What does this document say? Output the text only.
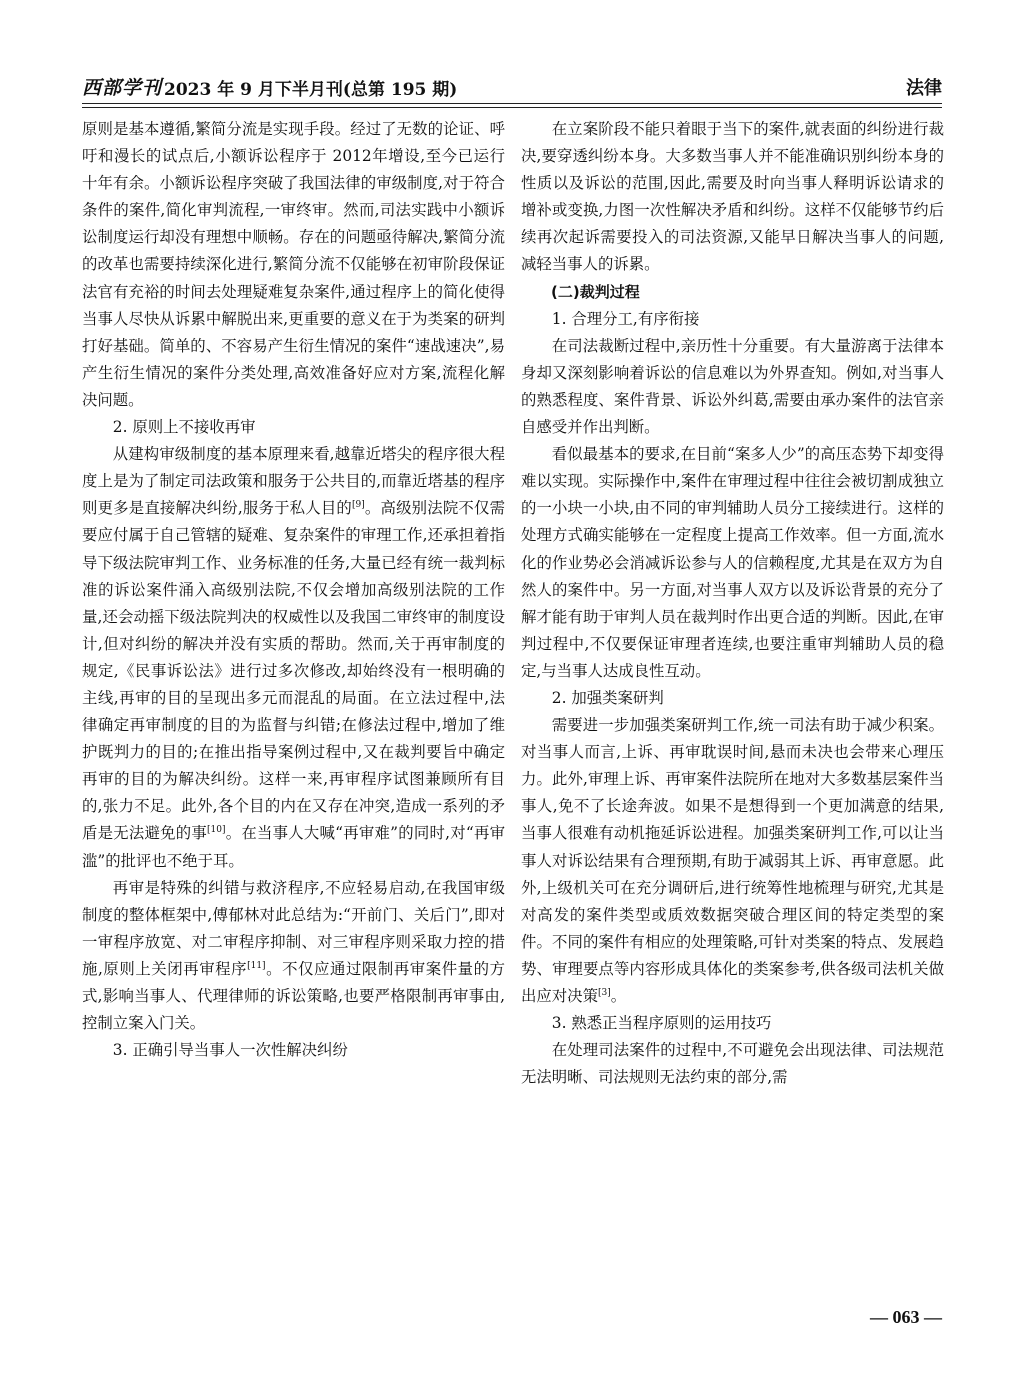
西部学刊 2023 年 9 月下半月刊(总第 195 期)	法律

原则是基本遵循,繁简分流是实现手段。经过了无数的论证、呼吁和漫长的试点后,小额诉讼程序于 2012年增设,至今已运行十年有余。小额诉讼程序突破了我国法律的审级制度,对于符合条件的案件,简化审判流程,一审终审。然而,司法实践中小额诉讼制度运行却没有理想中顺畅。存在的问题亟待解决,繁简分流的改革也需要持续深化进行,繁简分流不仅能够在初审阶段保证法官有充裕的时间去处理疑难复杂案件,通过程序上的简化使得当事人尽快从诉累中解脱出来,更重要的意义在于为类案的研判打好基础。简单的、不容易产生衍生情况的案件“速战速决”,易产生衍生情况的案件分类处理,高效准备好应对方案,流程化解决问题。

2. 原则上不接收再审

从建构审级制度的基本原理来看,越靠近塔尖的程序很大程度上是为了制定司法政策和服务于公共目的,而靠近塔基的程序则更多是直接解决纠纷,服务于私人目的[9]。高级别法院不仅需要应付属于自己管辖的疑难、复杂案件的审理工作,还承担着指导下级法院审判工作、业务标准的任务,大量已经有统一裁判标准的诉讼案件涌入高级别法院,不仅会增加高级别法院的工作量,还会动摇下级法院判决的权威性以及我国二审终审的制度设计,但对纠纷的解决并没有实质的帮助。然而,关于再审制度的规定,《民事诉讼法》进行过多次修改,却始终没有一根明确的主线,再审的目的呈现出多元而混乱的局面。在立法过程中,法律确定再审制度的目的为监督与纠错;在修法过程中,增加了维护既判力的目的;在推出指导案例过程中,又在裁判要旨中确定再审的目的为解决纠纷。这样一来,再审程序试图兼顾所有目的,张力不足。此外,各个目的内在又存在冲突,造成一系列的矛盾是无法避免的事[10]。在当事人大喊“再审难”的同时,对“再审滥”的批评也不绝于耳。

再审是特殊的纠错与救济程序,不应轻易启动,在我国审级制度的整体框架中,傅郁林对此总结为:“开前门、关后门”,即对一审程序放宽、对二审程序抑制、对三审程序则采取力控的措施,原则上关闭再审程序[11]。不仅应通过限制再审案件量的方式,影响当事人、代理律师的诉讼策略,也要严格限制再审事由,控制立案入门关。

3. 正确引导当事人一次性解决纠纷

在立案阶段不能只着眼于当下的案件,就表面的纠纷进行裁决,要穿透纠纷本身。大多数当事人并不能准确识别纠纷本身的性质以及诉讼的范围,因此,需要及时向当事人释明诉讼请求的增补或变换,力图一次性解决矛盾和纠纷。这样不仅能够节约后续再次起诉需要投入的司法资源,又能早日解决当事人的问题,减轻当事人的诉累。

(二)裁判过程

1. 合理分工,有序衔接

在司法裁断过程中,亲历性十分重要。有大量游离于法律本身却又深刻影响着诉讼的信息难以为外界查知。例如,对当事人的熟悉程度、案件背景、诉讼外纠葛,需要由承办案件的法官亲自感受并作出判断。

看似最基本的要求,在目前“案多人少”的高压态势下却变得难以实现。实际操作中,案件在审理过程中往往会被切割成独立的一小块一小块,由不同的审判辅助人员分工接续进行。这样的处理方式确实能够在一定程度上提高工作效率。但一方面,流水化的作业势必会消减诉讼参与人的信赖程度,尤其是在双方为自然人的案件中。另一方面,对当事人双方以及诉讼背景的充分了解才能有助于审判人员在裁判时作出更合适的判断。因此,在审判过程中,不仅要保证审理者连续,也要注重审判辅助人员的稳定,与当事人达成良性互动。

2. 加强类案研判

需要进一步加强类案研判工作,统一司法有助于减少积案。对当事人而言,上诉、再审耽误时间,悬而未决也会带来心理压力。此外,审理上诉、再审案件法院所在地对大多数基层案件当事人,免不了长途奔波。如果不是想得到一个更加满意的结果,当事人很难有动机拖延诉讼进程。加强类案研判工作,可以让当事人对诉讼结果有合理预期,有助于减弱其上诉、再审意愿。此外,上级机关可在充分调研后,进行统筹性地梳理与研究,尤其是对高发的案件类型或质效数据突破合理区间的特定类型的案件。不同的案件有相应的处理策略,可针对类案的特点、发展趋势、审理要点等内容形成具体化的类案参考,供各级司法机关做出应对决策[3]。

3. 熟悉正当程序原则的运用技巧

在处理司法案件的过程中,不可避免会出现法律、司法规范无法明晰、司法规则无法约束的部分,需

— 063 —
